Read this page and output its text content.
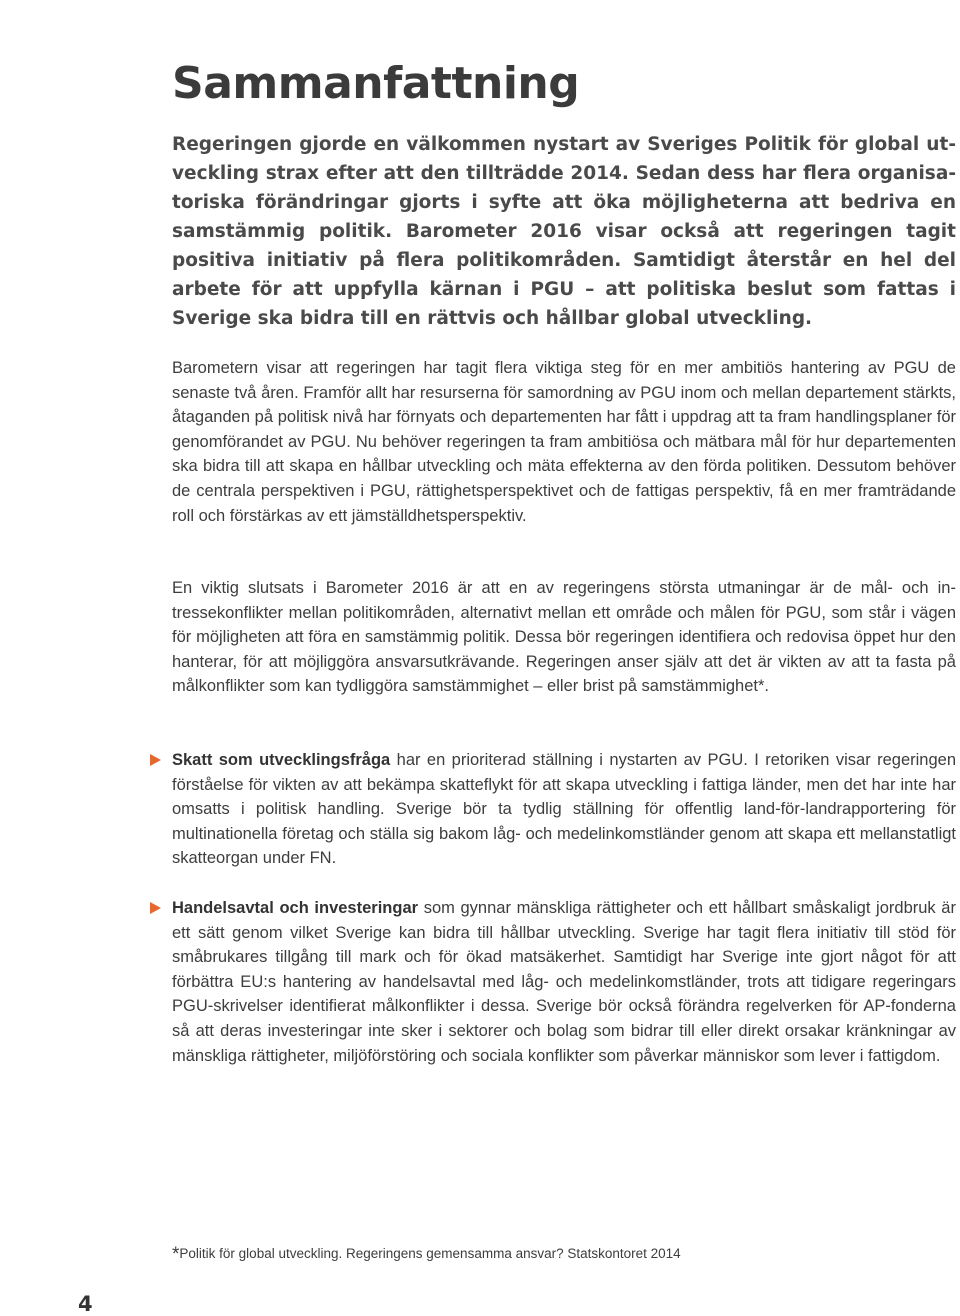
Sammanfattning

Regeringen gjorde en välkommen nystart av Sveriges Politik för global utveckling strax efter att den tillträdde 2014. Sedan dess har flera organisatoriska förändringar gjorts i syfte att öka möjligheterna att bedriva en samstämmig politik. Barometer 2016 visar också att regeringen tagit positiva initiativ på flera politikområden. Samtidigt återstår en hel del arbete för att uppfylla kärnan i PGU – att politiska beslut som fattas i Sverige ska bidra till en rättvis och hållbar global utveckling.

Barometern visar att regeringen har tagit flera viktiga steg för en mer ambitiös hantering av PGU de senaste två åren. Framför allt har resurserna för samordning av PGU inom och mellan departement stärkts, åtaganden på politisk nivå har förnyats och departementen har fått i uppdrag att ta fram handlingsplaner för genomförandet av PGU. Nu behöver regeringen ta fram ambitiösa och mätbara mål för hur departementen ska bidra till att skapa en hållbar utveckling och mäta effekterna av den förda politiken. Dessutom behöver de centrala perspektiven i PGU, rättighetsperspektivet och de fattigas perspektiv, få en mer framträdande roll och förstärkas av ett jämställdhetsperspektiv.

En viktig slutsats i Barometer 2016 är att en av regeringens största utmaningar är de mål- och intressekonflikter mellan politikområden, alternativt mellan ett område och målen för PGU, som står i vägen för möjligheten att föra en samstämmig politik. Dessa bör regeringen identifiera och redovisa öppet hur den hanterar, för att möjliggöra ansvarsutkrävande. Regeringen anser själv att det är vikten av att ta fasta på målkonflikter som kan tydliggöra samstämmighet – eller brist på samstämmighet*.

Skatt som utvecklingsfråga har en prioriterad ställning i nystarten av PGU. I retoriken visar regeringen förståelse för vikten av att bekämpa skatteflykt för att skapa utveckling i fattiga länder, men det har inte har omsatts i politisk handling. Sverige bör ta tydlig ställning för offentlig land-för-landrapportering för multinationella företag och ställa sig bakom låg- och medelinkomstländer genom att skapa ett mellanstatligt skatteorgan under FN.

Handelsavtal och investeringar som gynnar mänskliga rättigheter och ett hållbart småskaligt jordbruk är ett sätt genom vilket Sverige kan bidra till hållbar utveckling. Sverige har tagit flera initiativ till stöd för småbrukares tillgång till mark och för ökad matsäkerhet. Samtidigt har Sverige inte gjort något för att förbättra EU:s hantering av handelsavtal med låg- och medelinkomstländer, trots att tidigare regeringars PGU-skrivelser identifierat målkonflikter i dessa. Sverige bör också förändra regelverken för AP-fonderna så att deras investeringar inte sker i sektorer och bolag som bidrar till eller direkt orsakar kränkningar av mänskliga rättigheter, miljöförstöring och sociala konflikter som påverkar människor som lever i fattigdom.

*Politik för global utveckling. Regeringens gemensamma ansvar? Statskontoret 2014

4
